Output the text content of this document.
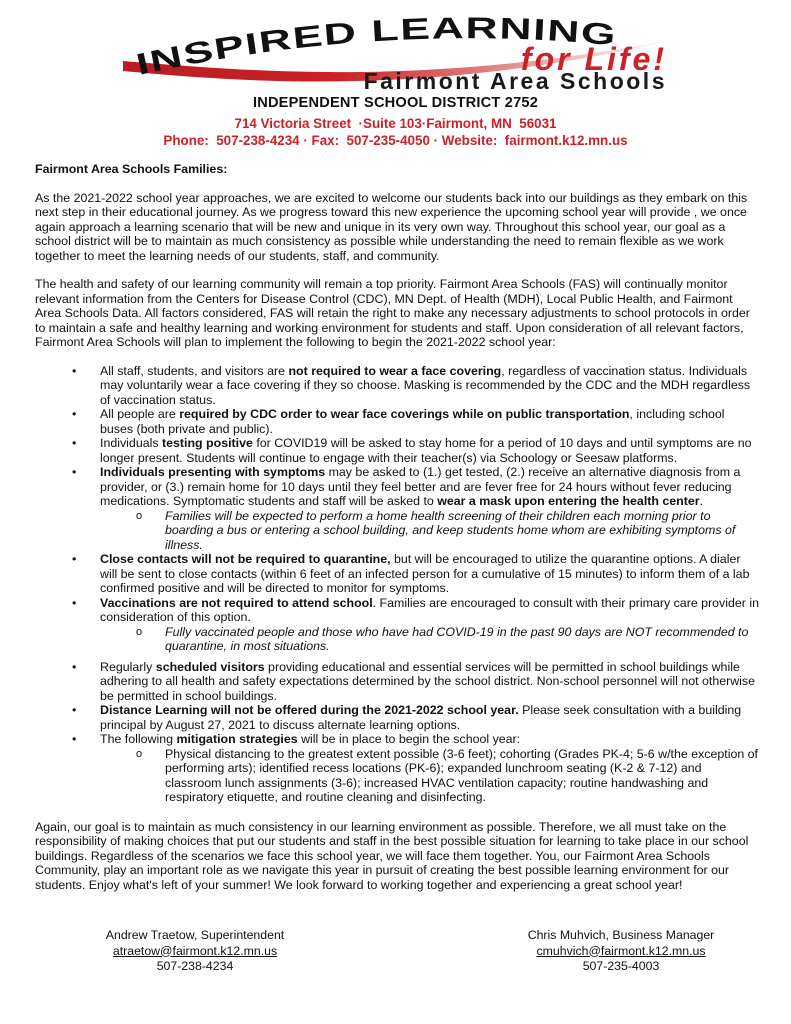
INSPIRED LEARNING
for Life!
Fairmont Area Schools
INDEPENDENT SCHOOL DISTRICT 2752
714 Victoria Street  ·Suite 103·Fairmont, MN  56031
Phone:  507-238-4234 · Fax:  507-235-4050 · Website:  fairmont.k12.mn.us

Fairmont Area Schools Families:

As the 2021-2022 school year approaches, we are excited to welcome our students back into our buildings as they embark on this next step in their educational journey. As we progress toward this new experience the upcoming school year will provide , we once again approach a learning scenario that will be new and unique in its very own way. Throughout this school year, our goal as a school district will be to maintain as much consistency as possible while understanding the need to remain flexible as we work together to meet the learning needs of our students, staff, and community.

The health and safety of our learning community will remain a top priority. Fairmont Area Schools (FAS) will continually monitor relevant information from the Centers for Disease Control (CDC), MN Dept. of Health (MDH), Local Public Health, and Fairmont Area Schools Data. All factors considered, FAS will retain the right to make any necessary adjustments to school protocols in order to maintain a safe and healthy learning and working environment for students and staff. Upon consideration of all relevant factors, Fairmont Area Schools will plan to implement the following to begin the 2021-2022 school year:

•	All staff, students, and visitors are not required to wear a face covering, regardless of vaccination status. Individuals may voluntarily wear a face covering if they so choose. Masking is recommended by the CDC and the MDH regardless of vaccination status.
•	All people are required by CDC order to wear face coverings while on public transportation, including school buses (both private and public).
•	Individuals testing positive for COVID19 will be asked to stay home for a period of 10 days and until symptoms are no longer present. Students will continue to engage with their teacher(s) via Schoology or Seesaw platforms.
•	Individuals presenting with symptoms may be asked to (1.) get tested, (2.) receive an alternative diagnosis from a provider, or (3.) remain home for 10 days until they feel better and are fever free for 24 hours without fever reducing medications. Symptomatic students and staff will be asked to wear a mask upon entering the health center.
o	Families will be expected to perform a home health screening of their children each morning prior to boarding a bus or entering a school building, and keep students home whom are exhibiting symptoms of illness.
•	Close contacts will not be required to quarantine, but will be encouraged to utilize the quarantine options. A dialer will be sent to close contacts (within 6 feet of an infected person for a cumulative of 15 minutes) to inform them of a lab confirmed positive and will be directed to monitor for symptoms.
•	Vaccinations are not required to attend school. Families are encouraged to consult with their primary care provider in consideration of this option.
o	Fully vaccinated people and those who have had COVID-19 in the past 90 days are NOT recommended to quarantine, in most situations.
•	Regularly scheduled visitors providing educational and essential services will be permitted in school buildings while adhering to all health and safety expectations determined by the school district. Non-school personnel will not otherwise be permitted in school buildings.
•	Distance Learning will not be offered during the 2021-2022 school year. Please seek consultation with a building principal by August 27, 2021 to discuss alternate learning options.
•	The following mitigation strategies will be in place to begin the school year:
o	Physical distancing to the greatest extent possible (3-6 feet); cohorting (Grades PK-4; 5-6 w/the exception of performing arts); identified recess locations (PK-6); expanded lunchroom seating (K-2 & 7-12) and classroom lunch assignments (3-6); increased HVAC ventilation capacity; routine handwashing and respiratory etiquette, and routine cleaning and disinfecting.

Again, our goal is to maintain as much consistency in our learning environment as possible. Therefore, we all must take on the responsibility of making choices that put our students and staff in the best possible situation for learning to take place in our school buildings. Regardless of the scenarios we face this school year, we will face them together. You, our Fairmont Area Schools Community, play an important role as we navigate this year in pursuit of creating the best possible learning environment for our students. Enjoy what's left of your summer! We look forward to working together and experiencing a great school year!

Andrew Traetow, Superintendent
atraetow@fairmont.k12.mn.us
507-238-4234
Chris Muhvich, Business Manager
cmuhvich@fairmont.k12.mn.us
507-235-4003
